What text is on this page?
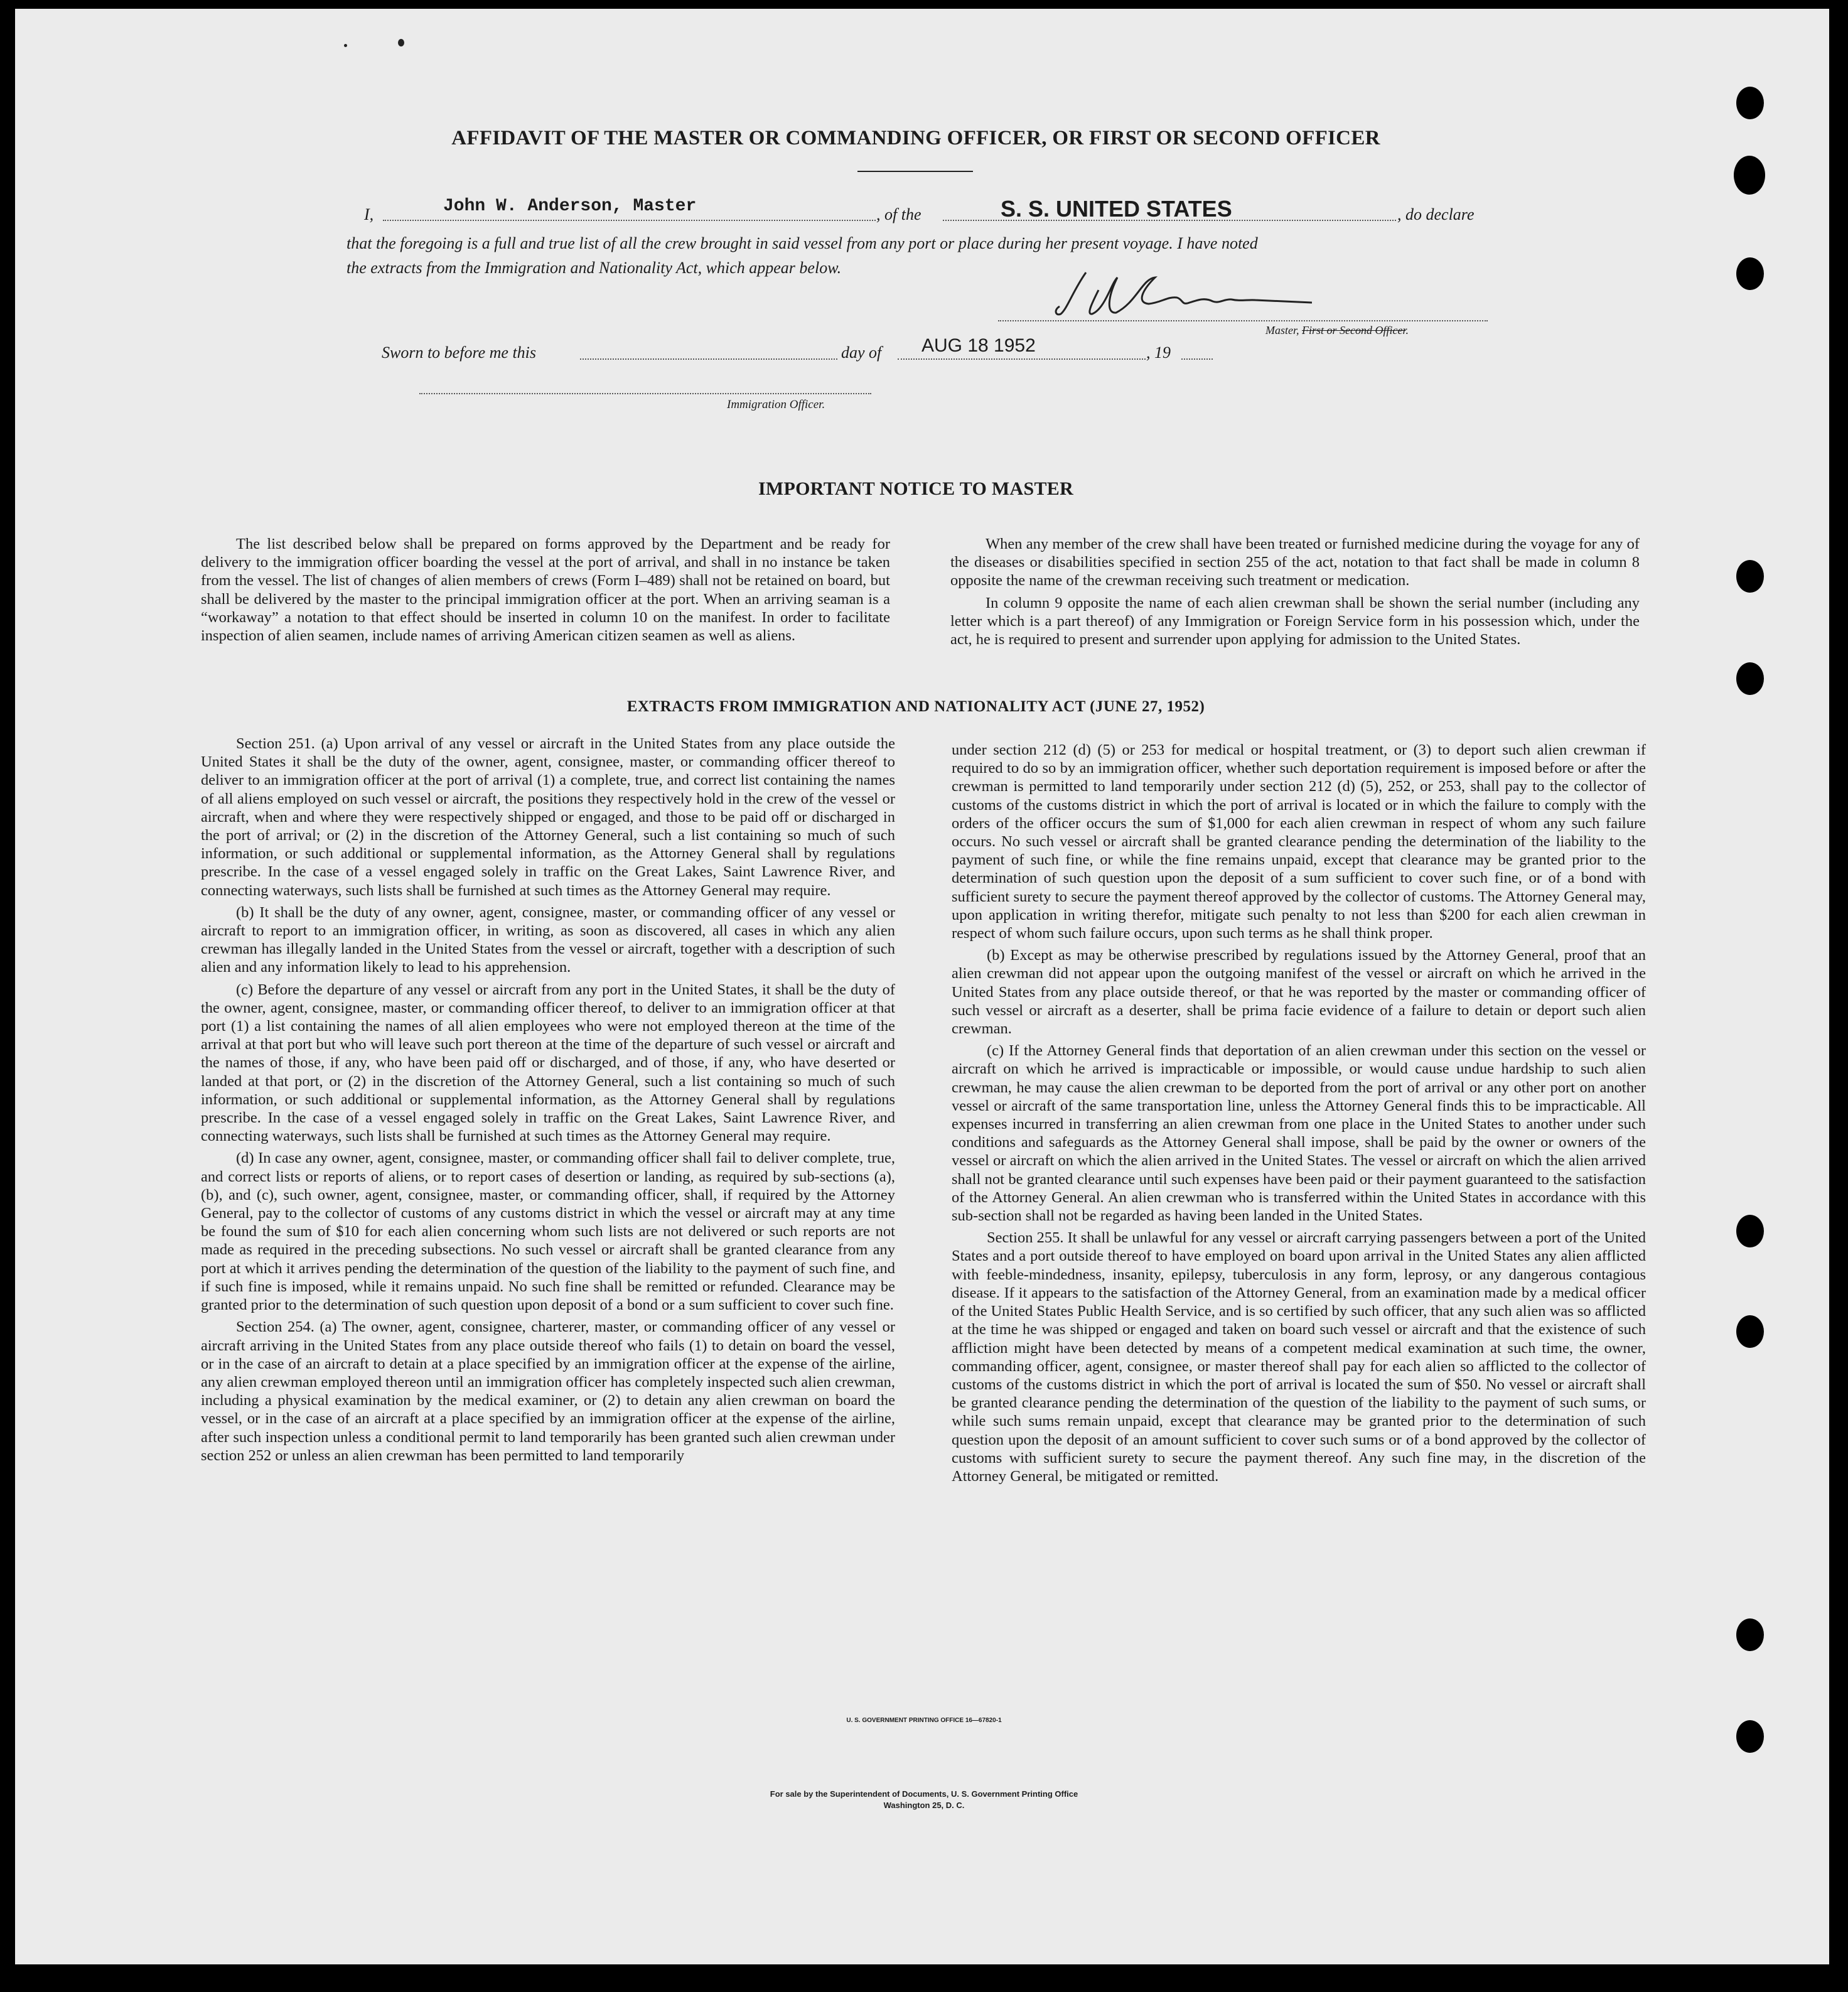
AFFIDAVIT OF THE MASTER OR COMMANDING OFFICER, OR FIRST OR SECOND OFFICER
I,	John W. Anderson, Master	, of the	S. S. UNITED STATES	, do declare
that the foregoing is a full and true list of all the crew brought in said vessel from any port or place during her present voyage. I have noted
the extracts from the Immigration and Nationality Act, which appear below.
Master, First or Second Officer.
Sworn to before me this	day of AUG 18 1952	, 19
Immigration Officer.
IMPORTANT NOTICE TO MASTER

The list described below shall be prepared on forms approved by the Department and be ready for delivery to the immigration officer boarding the vessel at the port of arrival, and shall in no instance be taken from the vessel. The list of changes of alien members of crews (Form I–489) shall not be retained on board, but shall be delivered by the master to the principal immigration officer at the port. When an arriving seaman is a “workaway” a notation to that effect should be inserted in column 10 on the manifest. In order to facilitate inspection of alien seamen, include names of arriving American citizen seamen as well as aliens.

When any member of the crew shall have been treated or furnished medicine during the voyage for any of the diseases or disabilities specified in section 255 of the act, notation to that fact shall be made in column 8 opposite the name of the crewman receiving such treatment or medication.

In column 9 opposite the name of each alien crewman shall be shown the serial number (including any letter which is a part thereof) of any Immigration or Foreign Service form in his possession which, under the act, he is required to present and surrender upon applying for admission to the United States.

EXTRACTS FROM IMMIGRATION AND NATIONALITY ACT (JUNE 27, 1952)

Section 251. (a) Upon arrival of any vessel or aircraft in the United States from any place outside the United States it shall be the duty of the owner, agent, consignee, master, or commanding officer thereof to deliver to an immigration officer at the port of arrival (1) a complete, true, and correct list containing the names of all aliens employed on such vessel or aircraft, the positions they respectively hold in the crew of the vessel or aircraft, when and where they were respectively shipped or engaged, and those to be paid off or discharged in the port of arrival; or (2) in the discretion of the Attorney General, such a list containing so much of such information, or such additional or supplemental information, as the Attorney General shall by regulations prescribe. In the case of a vessel engaged solely in traffic on the Great Lakes, Saint Lawrence River, and connecting waterways, such lists shall be furnished at such times as the Attorney General may require.

(b) It shall be the duty of any owner, agent, consignee, master, or commanding officer of any vessel or aircraft to report to an immigration officer, in writing, as soon as discovered, all cases in which any alien crewman has illegally landed in the United States from the vessel or aircraft, together with a description of such alien and any information likely to lead to his apprehension.

(c) Before the departure of any vessel or aircraft from any port in the United States, it shall be the duty of the owner, agent, consignee, master, or commanding officer thereof, to deliver to an immigration officer at that port (1) a list containing the names of all alien employees who were not employed thereon at the time of the arrival at that port but who will leave such port thereon at the time of the departure of such vessel or aircraft and the names of those, if any, who have been paid off or discharged, and of those, if any, who have deserted or landed at that port, or (2) in the discretion of the Attorney General, such a list containing so much of such information, or such additional or supplemental information, as the Attorney General shall by regulations prescribe. In the case of a vessel engaged solely in traffic on the Great Lakes, Saint Lawrence River, and connecting waterways, such lists shall be furnished at such times as the Attorney General may require.

(d) In case any owner, agent, consignee, master, or commanding officer shall fail to deliver complete, true, and correct lists or reports of aliens, or to report cases of desertion or landing, as required by sub-sections (a), (b), and (c), such owner, agent, consignee, master, or commanding officer, shall, if required by the Attorney General, pay to the collector of customs of any customs district in which the vessel or aircraft may at any time be found the sum of $10 for each alien concerning whom such lists are not delivered or such reports are not made as required in the preceding subsections. No such vessel or aircraft shall be granted clearance from any port at which it arrives pending the determination of the question of the liability to the payment of such fine, and if such fine is imposed, while it remains unpaid. No such fine shall be remitted or refunded. Clearance may be granted prior to the determination of such question upon deposit of a bond or a sum sufficient to cover such fine.

Section 254. (a) The owner, agent, consignee, charterer, master, or commanding officer of any vessel or aircraft arriving in the United States from any place outside thereof who fails (1) to detain on board the vessel, or in the case of an aircraft to detain at a place specified by an immigration officer at the expense of the airline, any alien crewman employed thereon until an immigration officer has completely inspected such alien crewman, including a physical examination by the medical examiner, or (2) to detain any alien crewman on board the vessel, or in the case of an aircraft at a place specified by an immigration officer at the expense of the airline, after such inspection unless a conditional permit to land temporarily has been granted such alien crewman under section 252 or unless an alien crewman has been permitted to land temporarily

under section 212 (d) (5) or 253 for medical or hospital treatment, or (3) to deport such alien crewman if required to do so by an immigration officer, whether such deportation requirement is imposed before or after the crewman is permitted to land temporarily under section 212 (d) (5), 252, or 253, shall pay to the collector of customs of the customs district in which the port of arrival is located or in which the failure to comply with the orders of the officer occurs the sum of $1,000 for each alien crewman in respect of whom any such failure occurs. No such vessel or aircraft shall be granted clearance pending the determination of the liability to the payment of such fine, or while the fine remains unpaid, except that clearance may be granted prior to the determination of such question upon the deposit of a sum sufficient to cover such fine, or of a bond with sufficient surety to secure the payment thereof approved by the collector of customs. The Attorney General may, upon application in writing therefor, mitigate such penalty to not less than $200 for each alien crewman in respect of whom such failure occurs, upon such terms as he shall think proper.

(b) Except as may be otherwise prescribed by regulations issued by the Attorney General, proof that an alien crewman did not appear upon the outgoing manifest of the vessel or aircraft on which he arrived in the United States from any place outside thereof, or that he was reported by the master or commanding officer of such vessel or aircraft as a deserter, shall be prima facie evidence of a failure to detain or deport such alien crewman.

(c) If the Attorney General finds that deportation of an alien crewman under this section on the vessel or aircraft on which he arrived is impracticable or impossible, or would cause undue hardship to such alien crewman, he may cause the alien crewman to be deported from the port of arrival or any other port on another vessel or aircraft of the same transportation line, unless the Attorney General finds this to be impracticable. All expenses incurred in transferring an alien crewman from one place in the United States to another under such conditions and safeguards as the Attorney General shall impose, shall be paid by the owner or owners of the vessel or aircraft on which the alien arrived in the United States. The vessel or aircraft on which the alien arrived shall not be granted clearance until such expenses have been paid or their payment guaranteed to the satisfaction of the Attorney General. An alien crewman who is transferred within the United States in accordance with this sub-section shall not be regarded as having been landed in the United States.

Section 255. It shall be unlawful for any vessel or aircraft carrying passengers between a port of the United States and a port outside thereof to have employed on board upon arrival in the United States any alien afflicted with feeble-mindedness, insanity, epilepsy, tuberculosis in any form, leprosy, or any dangerous contagious disease. If it appears to the satisfaction of the Attorney General, from an examination made by a medical officer of the United States Public Health Service, and is so certified by such officer, that any such alien was so afflicted at the time he was shipped or engaged and taken on board such vessel or aircraft and that the existence of such affliction might have been detected by means of a competent medical examination at such time, the owner, commanding officer, agent, consignee, or master thereof shall pay for each alien so afflicted to the collector of customs of the customs district in which the port of arrival is located the sum of $50. No vessel or aircraft shall be granted clearance pending the determination of the question of the liability to the payment of such sums, or while such sums remain unpaid, except that clearance may be granted prior to the determination of such question upon the deposit of an amount sufficient to cover such sums or of a bond approved by the collector of customs with sufficient surety to secure the payment thereof. Any such fine may, in the discretion of the Attorney General, be mitigated or remitted.

U. S. GOVERNMENT PRINTING OFFICE 16—67820-1
For sale by the Superintendent of Documents, U. S. Government Printing Office
Washington 25, D. C.
